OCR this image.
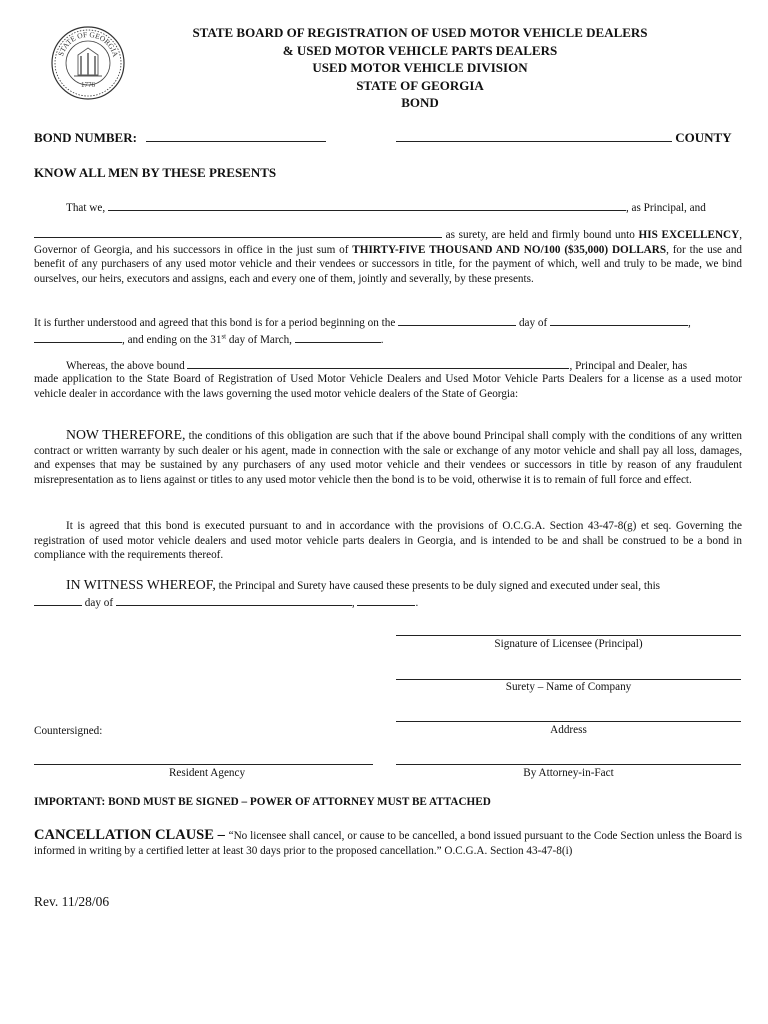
STATE OF GEORGIA
1776
STATE BOARD OF REGISTRATION OF USED MOTOR VEHICLE DEALERS
& USED MOTOR VEHICLE PARTS DEALERS
USED MOTOR VEHICLE DIVISION
STATE OF GEORGIA
BOND
BOND NUMBER:	COUNTY
KNOW ALL MEN BY THESE PRESENTS
That we,	, as Principal, and
as surety, are held and firmly bound unto HIS EXCELLENCY, Governor of Georgia, and his successors in office in the just sum of THIRTY-FIVE THOUSAND AND NO/100 ($35,000) DOLLARS, for the use and benefit of any purchasers of any used motor vehicle and their vendees or successors in title, for the payment of which, well and truly to be made, we bind ourselves, our heirs, executors and assigns, each and every one of them, jointly and severally, by these presents.
It is further understood and agreed that this bond is for a period beginning on the	day of	,
, and ending on the 31st day of March,	.
Whereas, the above bound	, Principal and Dealer, has
made application to the State Board of Registration of Used Motor Vehicle Dealers and Used Motor Vehicle Parts Dealers for a license as a used motor vehicle dealer in accordance with the laws governing the used motor vehicle dealers of the State of Georgia:
NOW THEREFORE, the conditions of this obligation are such that if the above bound Principal shall comply with the conditions of any written contract or written warranty by such dealer or his agent, made in connection with the sale or exchange of any motor vehicle and shall pay all loss, damages, and expenses that may be sustained by any purchasers of any used motor vehicle and their vendees or successors in title by reason of any fraudulent misrepresentation as to liens against or titles to any used motor vehicle then the bond is to be void, otherwise it is to remain of full force and effect.
It is agreed that this bond is executed pursuant to and in accordance with the provisions of O.C.G.A. Section 43-47-8(g) et seq. Governing the registration of used motor vehicle dealers and used motor vehicle parts dealers in Georgia, and is intended to be and shall be construed to be a bond in compliance with the requirements thereof.
IN WITNESS WHEREOF, the Principal and Surety have caused these presents to be duly signed and executed under seal, this
day of	,	.
Signature of Licensee (Principal)
Surety – Name of Company
Address
Countersigned:
Resident Agency	By Attorney-in-Fact
IMPORTANT: BOND MUST BE SIGNED – POWER OF ATTORNEY MUST BE ATTACHED
CANCELLATION CLAUSE – “No licensee shall cancel, or cause to be cancelled, a bond issued pursuant to the Code Section unless the Board is informed in writing by a certified letter at least 30 days prior to the proposed cancellation.” O.C.G.A. Section 43-47-8(i)
Rev. 11/28/06
